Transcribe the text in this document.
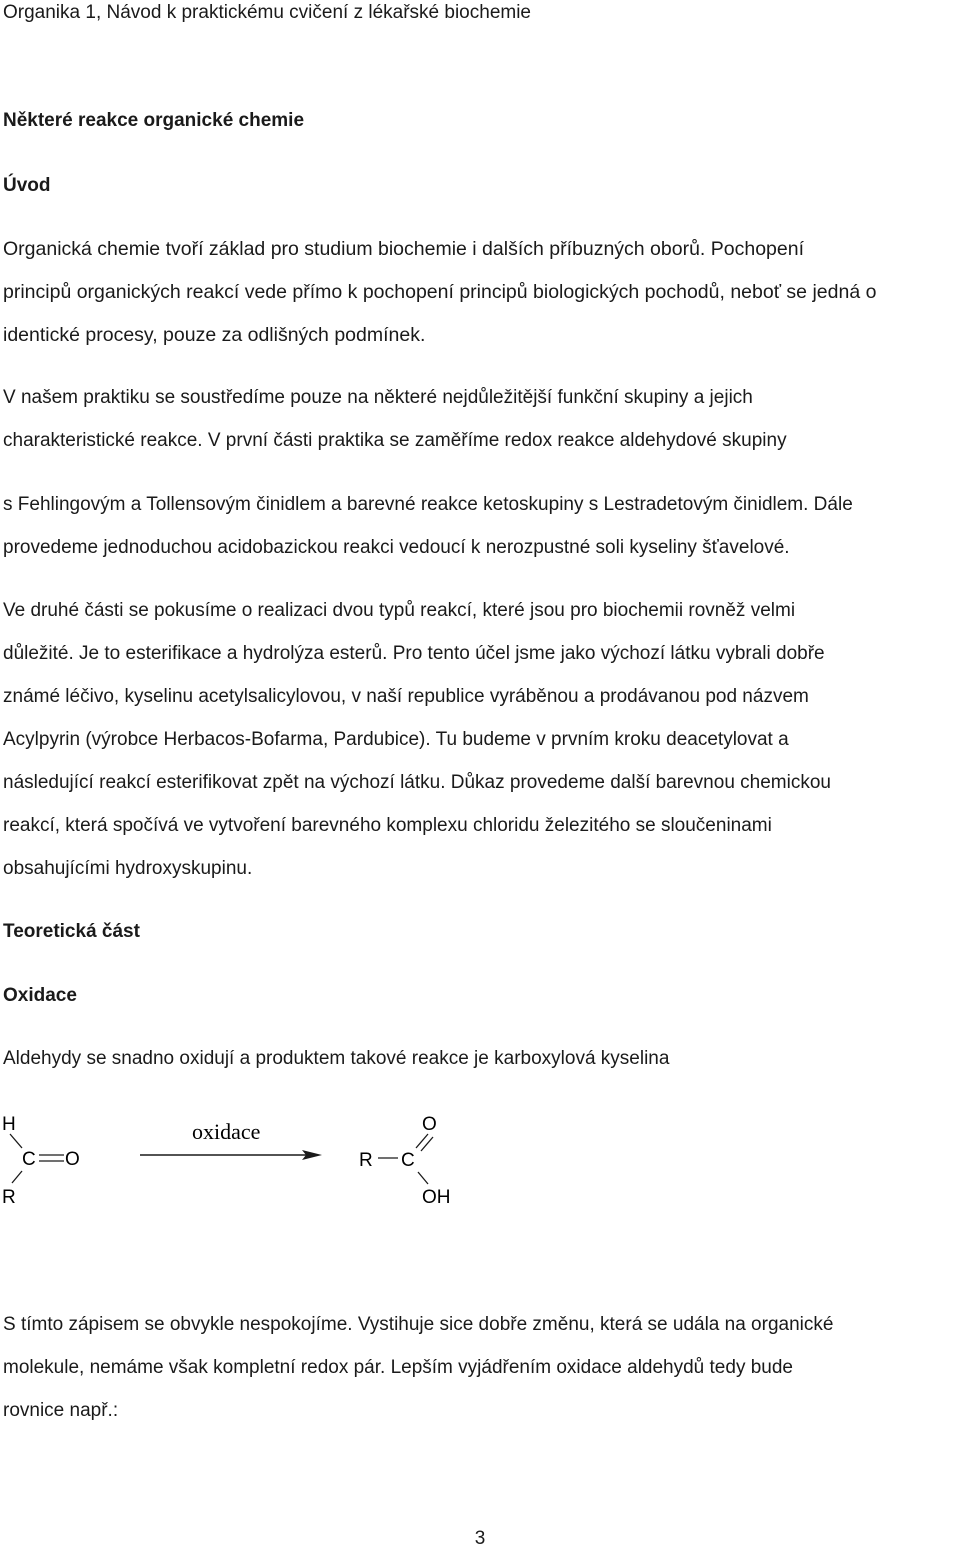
Organika 1, Návod k praktickému cvičení z lékařské biochemie
Některé reakce organické chemie
Úvod
Organická chemie tvoří základ pro studium biochemie i dalších příbuzných oborů. Pochopení
principů organických reakcí vede přímo k pochopení principů biologických pochodů, neboť se jedná o
identické procesy, pouze za odlišných podmínek.
V našem praktiku se soustředíme pouze na některé nejdůležitější funkční skupiny a jejich
charakteristické reakce. V první části praktika se zaměříme redox reakce aldehydové skupiny
s Fehlingovým a Tollensovým činidlem a barevné reakce ketoskupiny s Lestradetovým činidlem. Dále
provedeme jednoduchou acidobazickou reakci vedoucí k nerozpustné soli kyseliny šťavelové.
Ve druhé části se pokusíme o realizaci dvou typů reakcí, které jsou pro biochemii rovněž velmi
důležité. Je to esterifikace a hydrolýza esterů. Pro tento účel jsme jako výchozí látku vybrali dobře
známé léčivo, kyselinu acetylsalicylovou, v naší republice vyráběnou a prodávanou pod názvem
Acylpyrin (výrobce Herbacos-Bofarma, Pardubice). Tu budeme v prvním kroku deacetylovat a
následující reakcí esterifikovat zpět na výchozí látku. Důkaz provedeme další barevnou chemickou
reakcí, která spočívá ve vytvoření barevného komplexu chloridu železitého se sloučeninami
obsahujícími hydroxyskupinu.
Teoretická část
Oxidace
Aldehydy se snadno oxidují a produktem takové reakce je karboxylová kyselina
H
C O
R
oxidace	O
R C
OH
S tímto zápisem se obvykle nespokojíme. Vystihuje sice dobře změnu, která se udála na organické
molekule, nemáme však kompletní redox pár. Lepším vyjádřením oxidace aldehydů tedy bude
rovnice např.:
3
